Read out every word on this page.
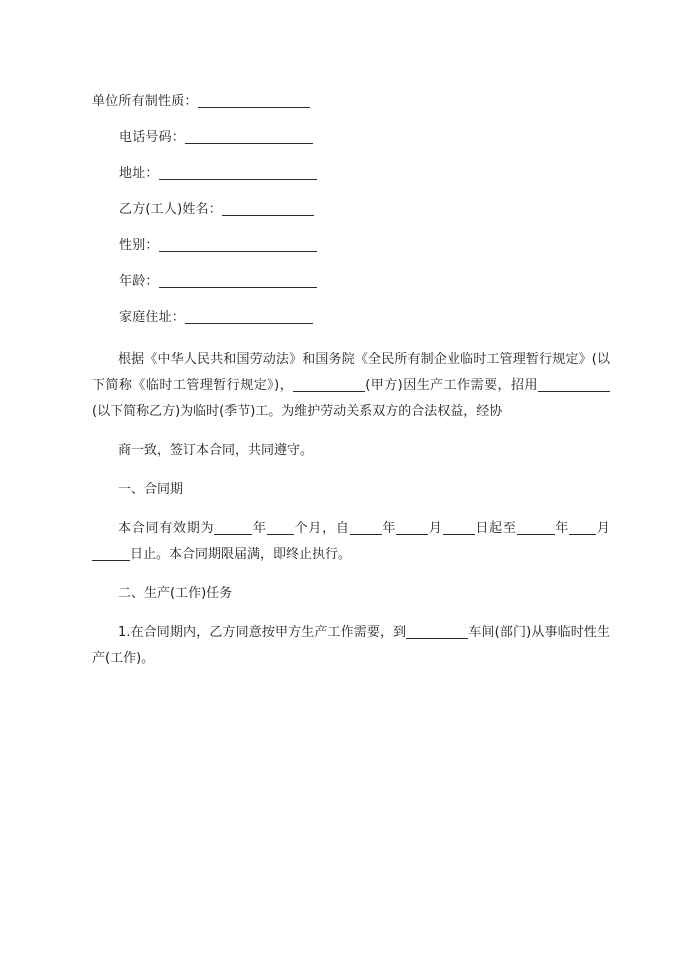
单位所有制性质：
电话号码：
地址：
乙方(工人)姓名：
性别：
年龄：
家庭住址：
根据《中华人民共和国劳动法》和国务院《全民所有制企业临时工管理暂行规定》(以下简称《临时工管理暂行规定》)，	(甲方)因生产工作需要，招用(以下简称乙方)为临时(季节)工。为维护劳动关系双方的合法权益，经协
商一致，签订本合同，共同遵守。
一、合同期
本合同有效期为	年 个月，自 年 月 日起至	年 月日止。本合同期限届满，即终止执行。
二、生产(工作)任务
1.在合同期内，乙方同意按甲方生产工作需要，到	车间(部门)从事临时性生产(工作)。
